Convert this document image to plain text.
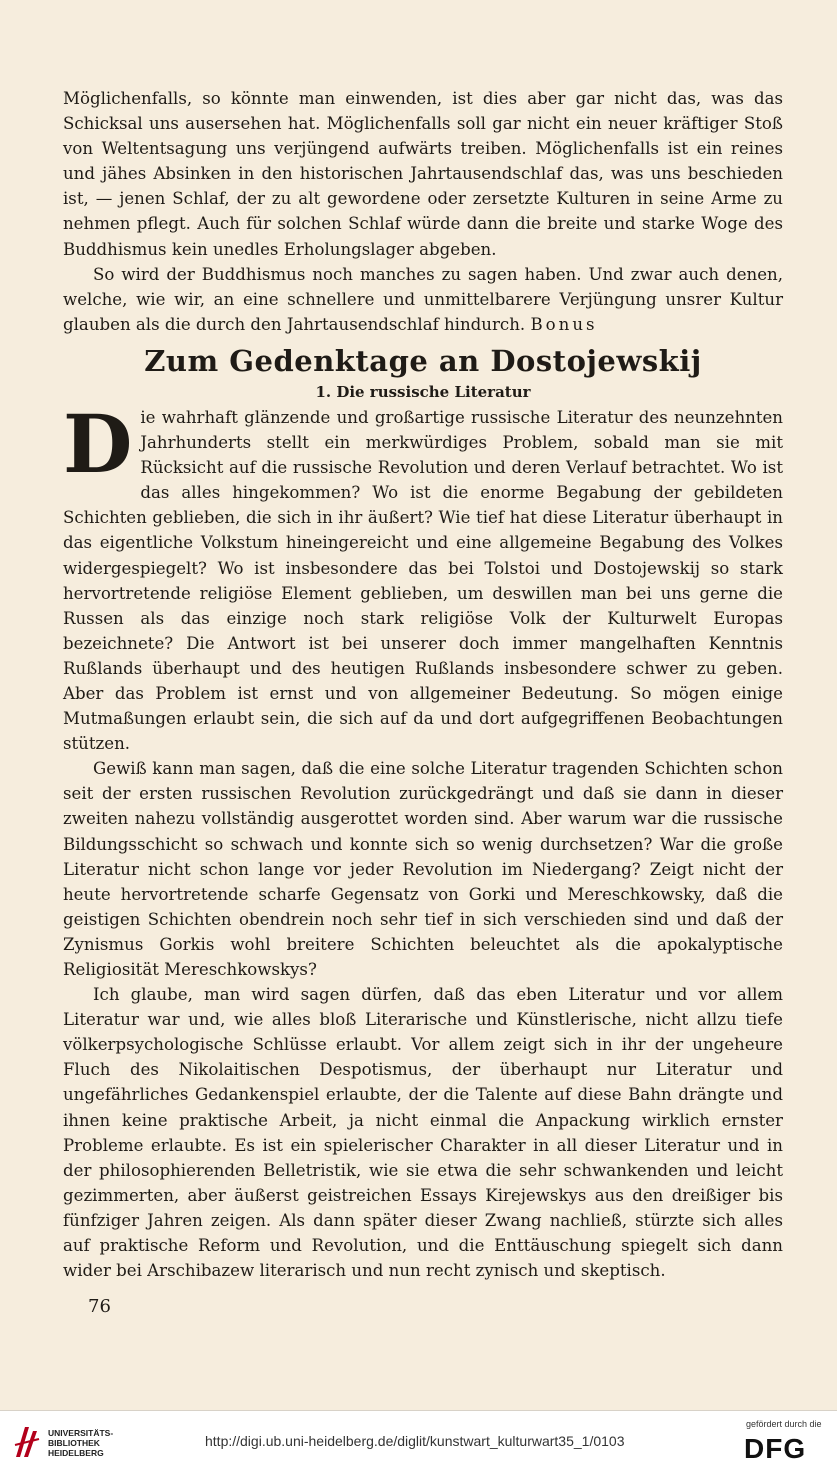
Möglichenfalls, so könnte man einwenden, ist dies aber gar nicht das, was das Schicksal uns ausersehen hat. Möglichenfalls soll gar nicht ein neuer kräftiger Stoß von Weltentsagung uns verjüngend aufwärts treiben. Möglichenfalls ist ein reines und jähes Absinken in den historischen Jahrtausendschlaf das, was uns beschieden ist, — jenen Schlaf, der zu alt gewordene oder zersetzte Kulturen in seine Arme zu nehmen pflegt. Auch für solchen Schlaf würde dann die breite und starke Woge des Buddhismus kein unedles Erholungslager abgeben.

So wird der Buddhismus noch manches zu sagen haben. Und zwar auch denen, welche, wie wir, an eine schnellere und unmittelbarere Verjüngung unsrer Kultur glauben als die durch den Jahrtausendschlaf hindurch. Bonus

Zum Gedenktage an Dostojewskij
1. Die russische Literatur

Die wahrhaft glänzende und großartige russische Literatur des neunzehnten Jahrhunderts stellt ein merkwürdiges Problem, sobald man sie mit Rücksicht auf die russische Revolution und deren Verlauf betrachtet. Wo ist das alles hingekommen? Wo ist die enorme Begabung der gebildeten Schichten geblieben, die sich in ihr äußert? Wie tief hat diese Literatur überhaupt in das eigentliche Volkstum hineingereicht und eine allgemeine Begabung des Volkes widergespiegelt? Wo ist insbesondere das bei Tolstoi und Dostojewskij so stark hervortretende religiöse Element geblieben, um deswillen man bei uns gerne die Russen als das einzige noch stark religiöse Volk der Kulturwelt Europas bezeichnete? Die Antwort ist bei unserer doch immer mangelhaften Kenntnis Rußlands überhaupt und des heutigen Rußlands insbesondere schwer zu geben. Aber das Problem ist ernst und von allgemeiner Bedeutung. So mögen einige Mutmaßungen erlaubt sein, die sich auf da und dort aufgegriffenen Beobachtungen stützen.

Gewiß kann man sagen, daß die eine solche Literatur tragenden Schichten schon seit der ersten russischen Revolution zurückgedrängt und daß sie dann in dieser zweiten nahezu vollständig ausgerottet worden sind. Aber warum war die russische Bildungsschicht so schwach und konnte sich so wenig durchsetzen? War die große Literatur nicht schon lange vor jeder Revolution im Niedergang? Zeigt nicht der heute hervortretende scharfe Gegensatz von Gorki und Mereschkowsky, daß die geistigen Schichten obendrein noch sehr tief in sich verschieden sind und daß der Zynismus Gorkis wohl breitere Schichten beleuchtet als die apokalyptische Religiosität Mereschkowskys?

Ich glaube, man wird sagen dürfen, daß das eben Literatur und vor allem Literatur war und, wie alles bloß Literarische und Künstlerische, nicht allzu tiefe völkerpsychologische Schlüsse erlaubt. Vor allem zeigt sich in ihr der ungeheure Fluch des Nikolaitischen Despotismus, der überhaupt nur Literatur und ungefährliches Gedankenspiel erlaubte, der die Talente auf diese Bahn drängte und ihnen keine praktische Arbeit, ja nicht einmal die Anpackung wirklich ernster Probleme erlaubte. Es ist ein spielerischer Charakter in all dieser Literatur und in der philosophierenden Belletristik, wie sie etwa die sehr schwankenden und leicht gezimmerten, aber äußerst geistreichen Essays Kirejewskys aus den dreißiger bis fünfziger Jahren zeigen. Als dann später dieser Zwang nachließ, stürzte sich alles auf praktische Reform und Revolution, und die Enttäuschung spiegelt sich dann wider bei Arschibazew literarisch und nun recht zynisch und skeptisch.

76
UNIVERSITÄTS-
BIBLIOTHEK
HEIDELBERG
http://digi.ub.uni-heidelberg.de/diglit/kunstwart_kulturwart35_1/0103
gefördert durch die
DFG
